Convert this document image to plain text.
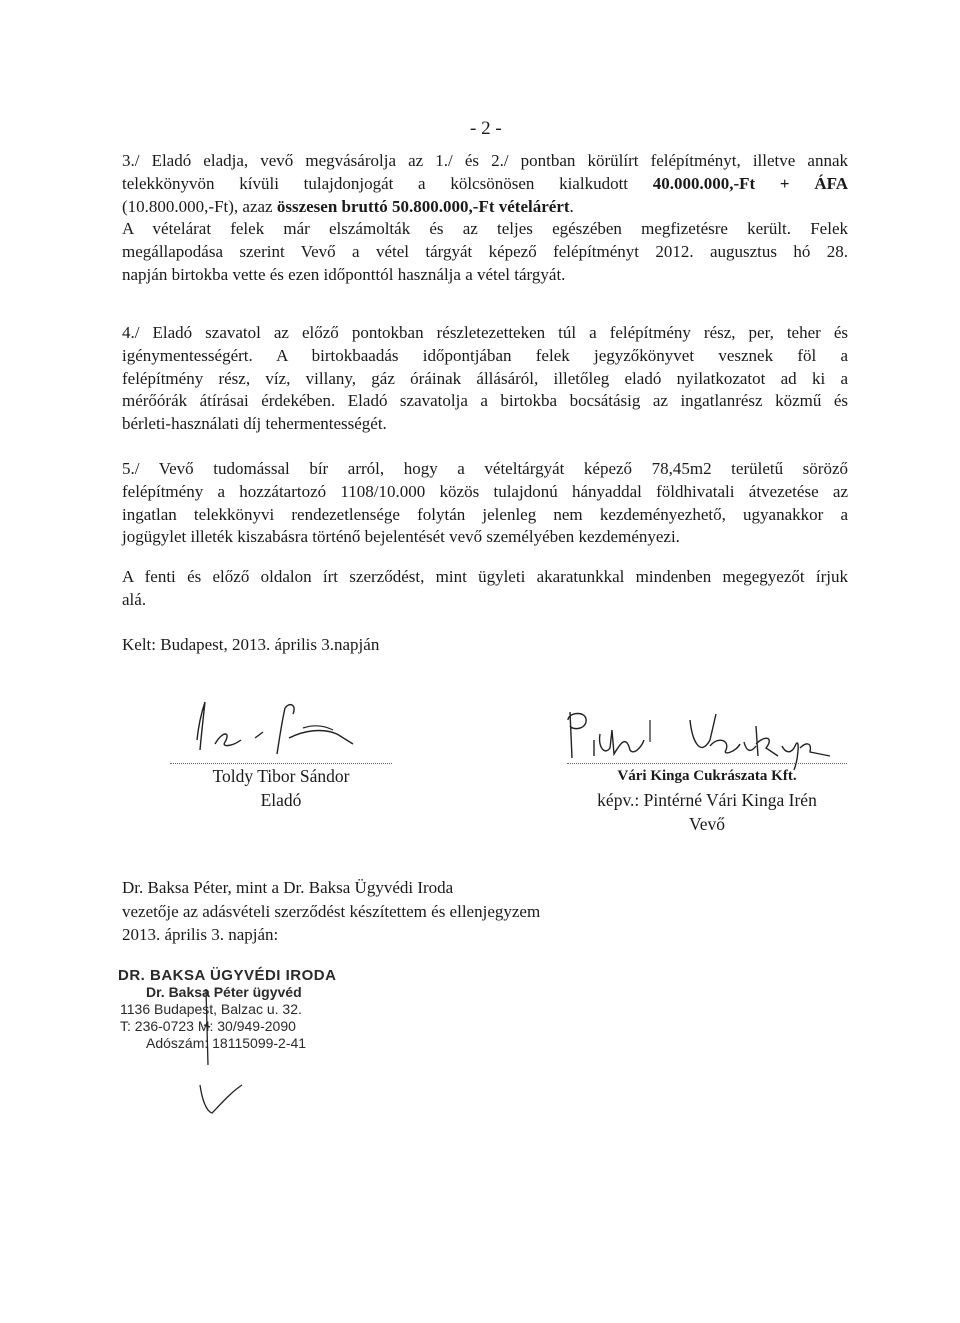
- 2 -
3./ Eladó eladja, vevő megvásárolja az 1./ és 2./ pontban körülírt felépítményt, illetve annak
telekkönyvön kívüli tulajdonjogát a kölcsönösen kialkudott 40.000.000,-Ft + ÁFA
(10.800.000,-Ft), azaz összesen bruttó 50.800.000,-Ft vételárért.
A vételárat felek már elszámolták és az teljes egészében megfizetésre került. Felek
megállapodása szerint Vevő a vétel tárgyát képező felépítményt 2012. augusztus hó 28.
napján birtokba vette és ezen időponttól használja a vétel tárgyát.
4./ Eladó szavatol az előző pontokban részletezetteken túl a felépítmény rész, per, teher és
igénymentességért. A birtokbaadás időpontjában felek jegyzőkönyvet vesznek föl a
felépítmény rész, víz, villany, gáz óráinak állásáról, illetőleg eladó nyilatkozatot ad ki a
mérőórák átírásai érdekében. Eladó szavatolja a birtokba bocsátásig az ingatlanrész közmű és
bérleti-használati díj tehermentességét.
5./ Vevő tudomással bír arról, hogy a vételtárgyát képező 78,45m2 területű söröző
felépítmény a hozzátartozó 1108/10.000 közös tulajdonú hányaddal földhivatali átvezetése az
ingatlan telekkönyvi rendezetlensége folytán jelenleg nem kezdeményezhető, ugyanakkor a
jogügylet illeték kiszabásra történő bejelentését vevő személyében kezdeményezi.
A fenti és előző oldalon írt szerződést, mint ügyleti akaratunkkal mindenben megegyezőt írjuk
alá.
Kelt: Budapest, 2013. április 3.napján
Toldy Tibor Sándor
Eladó
Vári Kinga Cukrászata Kft.
képv.: Pintérné Vári Kinga Irén
Vevő
Dr. Baksa Péter, mint a Dr. Baksa Ügyvédi Iroda
vezetője az adásvételi szerződést készítettem és ellenjegyzem
2013. április 3. napján:
DR. BAKSA ÜGYVÉDI IRODA
Dr. Baksa Péter ügyvéd
1136 Budapest, Balzac u. 32.
T: 236-0723 M: 30/949-2090
Adószám: 18115099-2-41
